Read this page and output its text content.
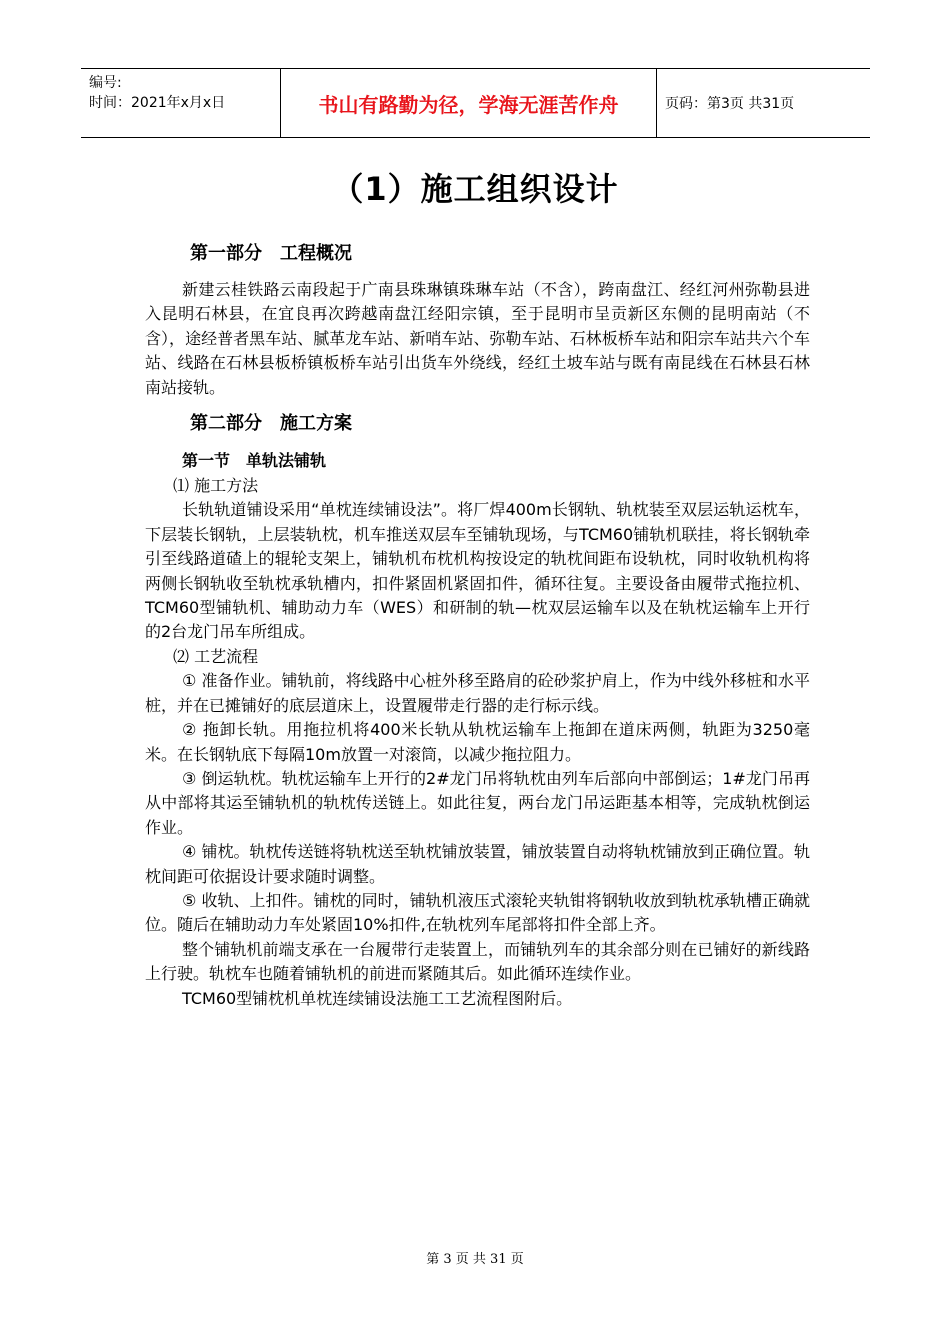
编号:
时间：2021年x月x日	书山有路勤为径，学海无涯苦作舟	页码：第3页 共31页
（1）施工组织设计
第一部分　工程概况

新建云桂铁路云南段起于广南县珠琳镇珠琳车站（不含），跨南盘江、经红河州弥勒县进入昆明石林县，在宜良再次跨越南盘江经阳宗镇，至于昆明市呈贡新区东侧的昆明南站（不含），途经普者黑车站、腻革龙车站、新哨车站、弥勒车站、石林板桥车站和阳宗车站共六个车站、线路在石林县板桥镇板桥车站引出货车外绕线，经红土坡车站与既有南昆线在石林县石林南站接轨。

第二部分　施工方案
第一节　单轨法铺轨
⑴ 施工方法

长轨轨道铺设采用“单枕连续铺设法”。将厂焊400m长钢轨、轨枕装至双层运轨运枕车，下层装长钢轨，上层装轨枕，机车推送双层车至铺轨现场，与TCM60铺轨机联挂，将长钢轨牵引至线路道碴上的辊轮支架上，铺轨机布枕机构按设定的轨枕间距布设轨枕，同时收轨机构将两侧长钢轨收至轨枕承轨槽内，扣件紧固机紧固扣件，循环往复。主要设备由履带式拖拉机、TCM60型铺轨机、辅助动力车（WES）和研制的轨—枕双层运输车以及在轨枕运输车上开行的2台龙门吊车所组成。

⑵ 工艺流程

① 准备作业。铺轨前，将线路中心桩外移至路肩的砼砂浆护肩上，作为中线外移桩和水平桩，并在已摊铺好的底层道床上，设置履带走行器的走行标示线。

② 拖卸长轨。用拖拉机将400米长轨从轨枕运输车上拖卸在道床两侧，轨距为3250毫米。在长钢轨底下每隔10m放置一对滚筒，以减少拖拉阻力。

③ 倒运轨枕。轨枕运输车上开行的2#龙门吊将轨枕由列车后部向中部倒运；1#龙门吊再从中部将其运至铺轨机的轨枕传送链上。如此往复，两台龙门吊运距基本相等，完成轨枕倒运作业。

④ 铺枕。轨枕传送链将轨枕送至轨枕铺放装置，铺放装置自动将轨枕铺放到正确位置。轨枕间距可依据设计要求随时调整。

⑤ 收轨、上扣件。铺枕的同时，铺轨机液压式滚轮夹轨钳将钢轨收放到轨枕承轨槽正确就位。随后在辅助动力车处紧固10%扣件,在轨枕列车尾部将扣件全部上齐。

整个铺轨机前端支承在一台履带行走装置上，而铺轨列车的其余部分则在已铺好的新线路上行驶。轨枕车也随着铺轨机的前进而紧随其后。如此循环连续作业。

TCM60型铺枕机单枕连续铺设法施工工艺流程图附后。

第 3 页 共 31 页
